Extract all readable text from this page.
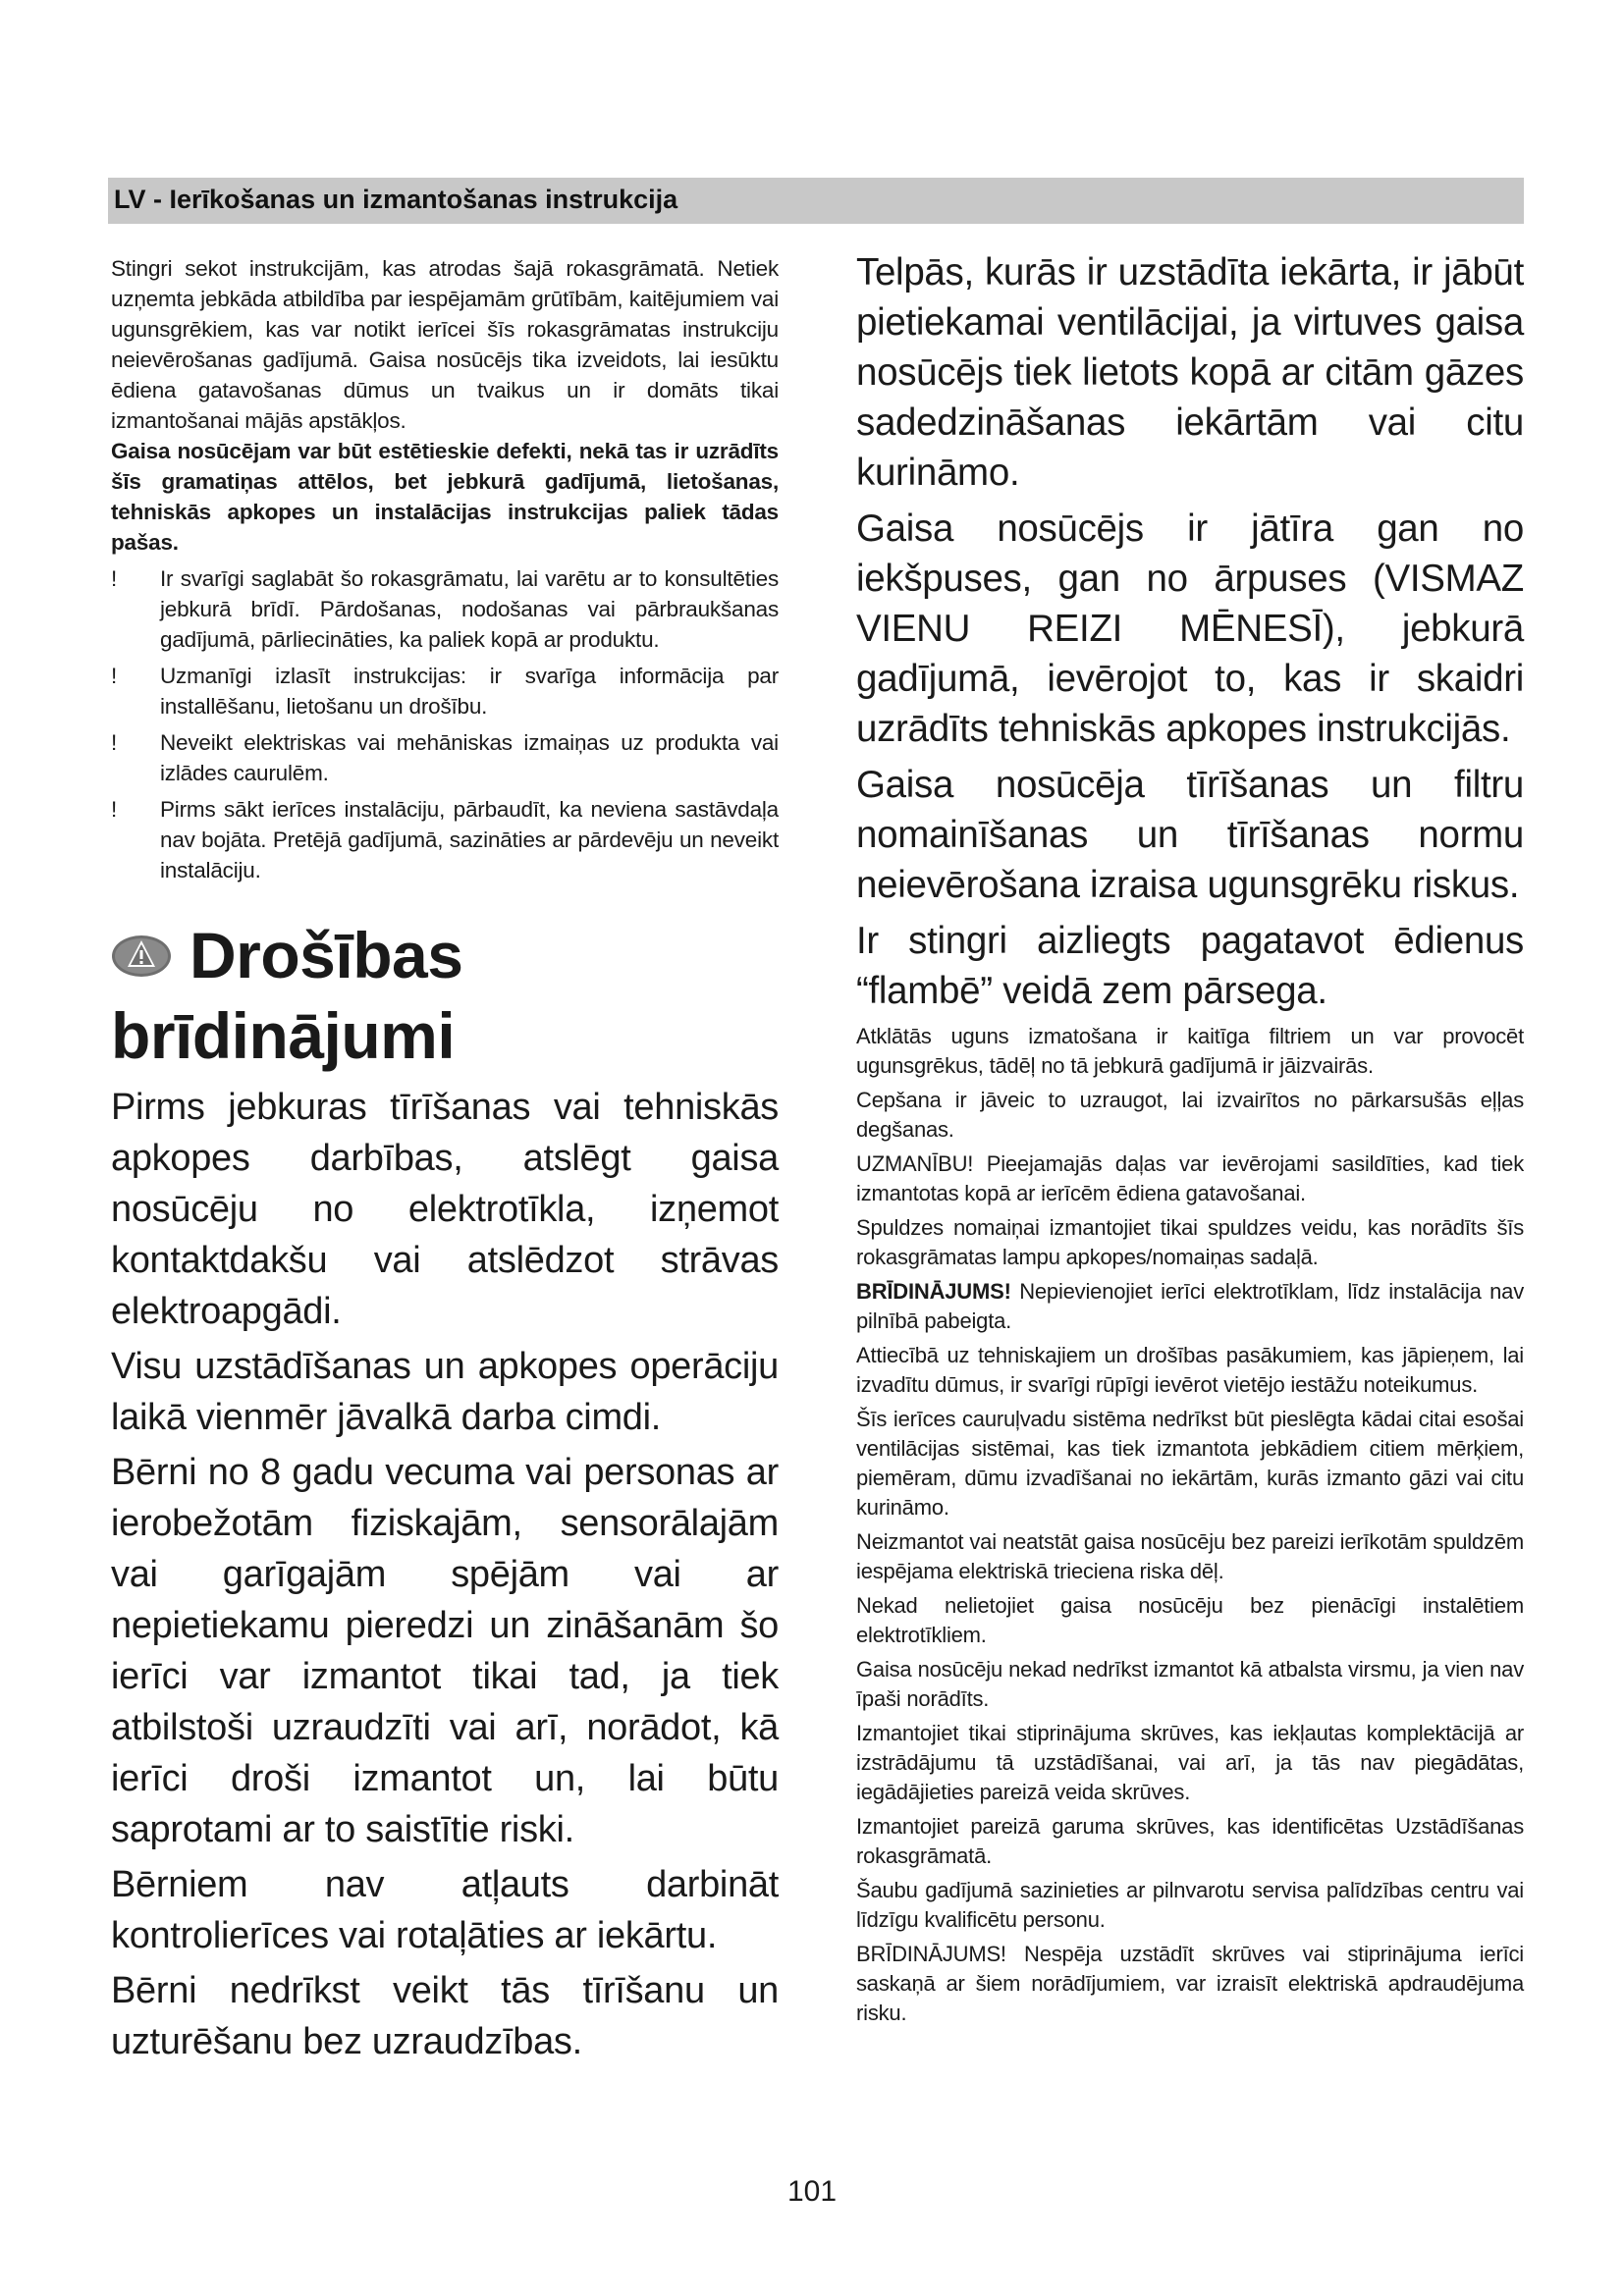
LV - Ierīkošanas un izmantošanas instrukcija

Stingri sekot instrukcijām, kas atrodas šajā rokasgrāmatā. Netiek uzņemta jebkāda atbildība par iespējamām grūtībām, kaitējumiem vai ugunsgrēkiem, kas var notikt ierīcei šīs rokasgrāmatas instrukciju neievērošanas gadījumā. Gaisa nosūcējs tika izveidots, lai iesūktu ēdiena gatavošanas dūmus un tvaikus un ir domāts tikai izmantošanai mājās apstākļos.

Gaisa nosūcējam var būt estētieskie defekti, nekā tas ir uzrādīts šīs gramatiņas attēlos, bet jebkurā gadījumā, lietošanas, tehniskās apkopes un instalācijas instrukcijas paliek tādas pašas.

! Ir svarīgi saglabāt šo rokasgrāmatu, lai varētu ar to konsultēties jebkurā brīdī. Pārdošanas, nodošanas vai pārbraukšanas gadījumā, pārliecināties, ka paliek kopā ar produktu.

! Uzmanīgi izlasīt instrukcijas: ir svarīga informācija par installēšanu, lietošanu un drošību.

! Neveikt elektriskas vai mehāniskas izmaiņas uz produkta vai izlādes caurulēm.

! Pirms sākt ierīces instalāciju, pārbaudīt, ka neviena sastāvdaļa nav bojāta. Pretējā gadījumā, sazināties ar pārdevēju un neveikt instalāciju.

Drošības
brīdinājumi

Pirms jebkuras tīrīšanas vai tehniskās apkopes darbības, atslēgt gaisa nosūcēju no elektrotīkla, izņemot kontaktdakšu vai atslēdzot strāvas elektroapgādi.

Visu uzstādīšanas un apkopes operāciju laikā vienmēr jāvalkā darba cimdi.

Bērni no 8 gadu vecuma vai personas ar ierobežotām fiziskajām, sensorālajām vai garīgajām spējām vai ar nepietiekamu pieredzi un zināšanām šo ierīci var izmantot tikai tad, ja tiek atbilstoši uzraudzīti vai arī, norādot, kā ierīci droši izmantot un, lai būtu saprotami ar to saistītie riski.

Bērniem nav atļauts darbināt kontrolierīces vai rotaļāties ar iekārtu.

Bērni nedrīkst veikt tās tīrīšanu un uzturēšanu bez uzraudzības.

Telpās, kurās ir uzstādīta iekārta, ir jābūt pietiekamai ventilācijai, ja virtuves gaisa nosūcējs tiek lietots kopā ar citām gāzes sadedzināšanas iekārtām vai citu kurināmo.

Gaisa nosūcējs ir jātīra gan no iekšpuses, gan no ārpuses (VISMAZ VIENU REIZI MĒNESĪ), jebkurā gadījumā, ievērojot to, kas ir skaidri uzrādīts tehniskās apkopes instrukcijās.

Gaisa nosūcēja tīrīšanas un filtru nomainīšanas un tīrīšanas normu neievērošana izraisa ugunsgrēku riskus.

Ir stingri aizliegts pagatavot ēdienus “flambē” veidā zem pārsega.

Atklātās uguns izmatošana ir kaitīga filtriem un var provocēt ugunsgrēkus, tādēļ no tā jebkurā gadījumā ir jāizvairās.

Cepšana ir jāveic to uzraugot, lai izvairītos no pārkarsušās eļļas degšanas.

UZMANĪBU! Pieejamajās daļas var ievērojami sasildīties, kad tiek izmantotas kopā ar ierīcēm ēdiena gatavošanai.

Spuldzes nomaiņai izmantojiet tikai spuldzes veidu, kas norādīts šīs rokasgrāmatas lampu apkopes/nomaiņas sadaļā.

BRĪDINĀJUMS! Nepievienojiet ierīci elektrotīklam, līdz instalācija nav pilnībā pabeigta.

Attiecībā uz tehniskajiem un drošības pasākumiem, kas jāpieņem, lai izvadītu dūmus, ir svarīgi rūpīgi ievērot vietējo iestāžu noteikumus.

Šīs ierīces cauruļvadu sistēma nedrīkst būt pieslēgta kādai citai esošai ventilācijas sistēmai, kas tiek izmantota jebkādiem citiem mērķiem, piemēram, dūmu izvadīšanai no iekārtām, kurās izmanto gāzi vai citu kurināmo.

Neizmantot vai neatstāt gaisa nosūcēju bez pareizi ierīkotām spuldzēm iespējama elektriskā trieciena riska dēļ.

Nekad nelietojiet gaisa nosūcēju bez pienācīgi instalētiem elektrotīkliem.

Gaisa nosūcēju nekad nedrīkst izmantot kā atbalsta virsmu, ja vien nav īpaši norādīts.

Izmantojiet tikai stiprinājuma skrūves, kas iekļautas komplektācijā ar izstrādājumu tā uzstādīšanai, vai arī, ja tās nav piegādātas, iegādājieties pareizā veida skrūves.

Izmantojiet pareizā garuma skrūves, kas identificētas Uzstādīšanas rokasgrāmatā.

Šaubu gadījumā sazinieties ar pilnvarotu servisa palīdzības centru vai līdzīgu kvalificētu personu.

BRĪDINĀJUMS! Nespēja uzstādīt skrūves vai stiprinājuma ierīci saskaņā ar šiem norādījumiem, var izraisīt elektriskā apdraudējuma risku.

101
